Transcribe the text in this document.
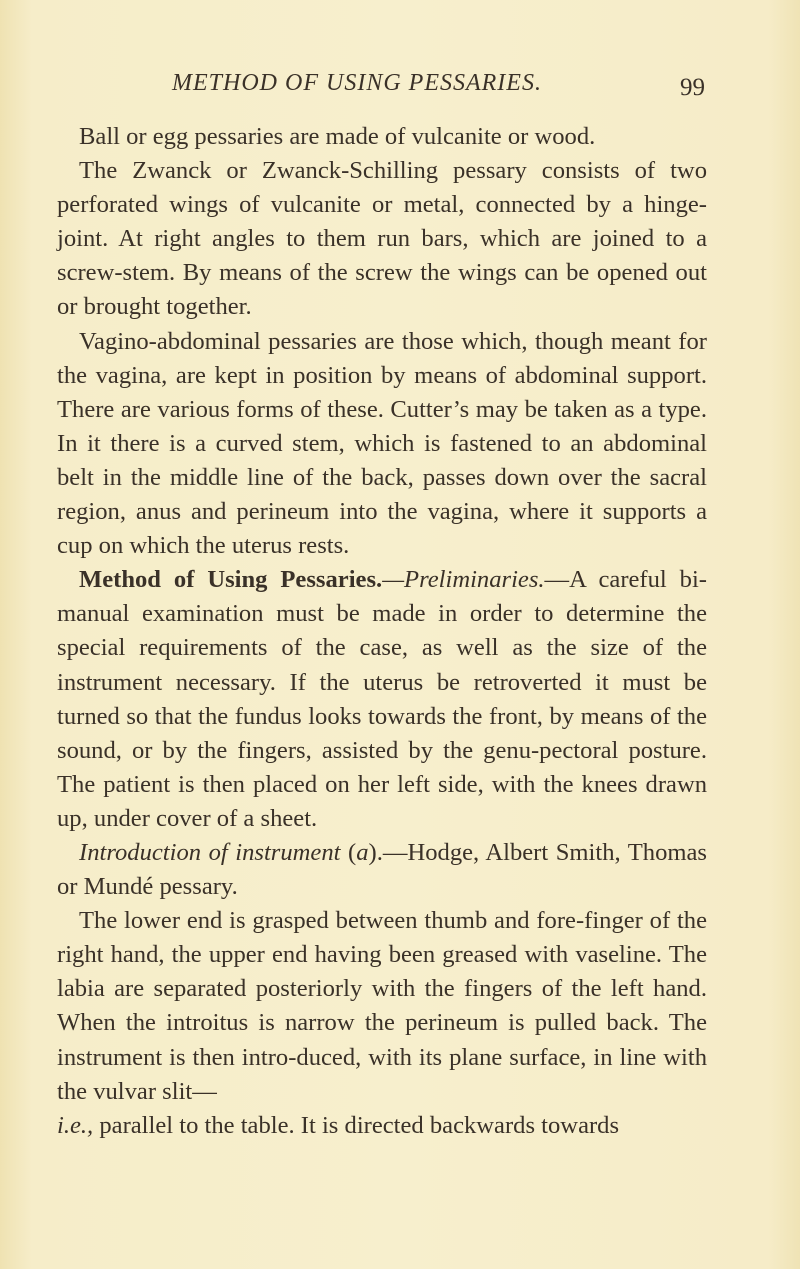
METHOD OF USING PESSARIES.	99

Ball or egg pessaries are made of vulcanite or wood.

The Zwanck or Zwanck-Schilling pessary consists of two perforated wings of vulcanite or metal, connected by a hinge-joint. At right angles to them run bars, which are joined to a screw-stem. By means of the screw the wings can be opened out or brought together.

Vagino-abdominal pessaries are those which, though meant for the vagina, are kept in position by means of abdominal support. There are various forms of these. Cutter’s may be taken as a type. In it there is a curved stem, which is fastened to an abdominal belt in the middle line of the back, passes down over the sacral region, anus and perineum into the vagina, where it supports a cup on which the uterus rests.

Method of Using Pessaries.—Preliminaries.—A careful bi-manual examination must be made in order to determine the special requirements of the case, as well as the size of the instrument necessary. If the uterus be retroverted it must be turned so that the fundus looks towards the front, by means of the sound, or by the fingers, assisted by the genu-pectoral posture. The patient is then placed on her left side, with the knees drawn up, under cover of a sheet.

Introduction of instrument (a).—Hodge, Albert Smith, Thomas or Mundé pessary.

The lower end is grasped between thumb and fore-finger of the right hand, the upper end having been greased with vaseline. The labia are separated posteriorly with the fingers of the left hand. When the introitus is narrow the perineum is pulled back. The instrument is then intro-duced, with its plane surface, in line with the vulvar slit—

i.e., parallel to the table. It is directed backwards towards
